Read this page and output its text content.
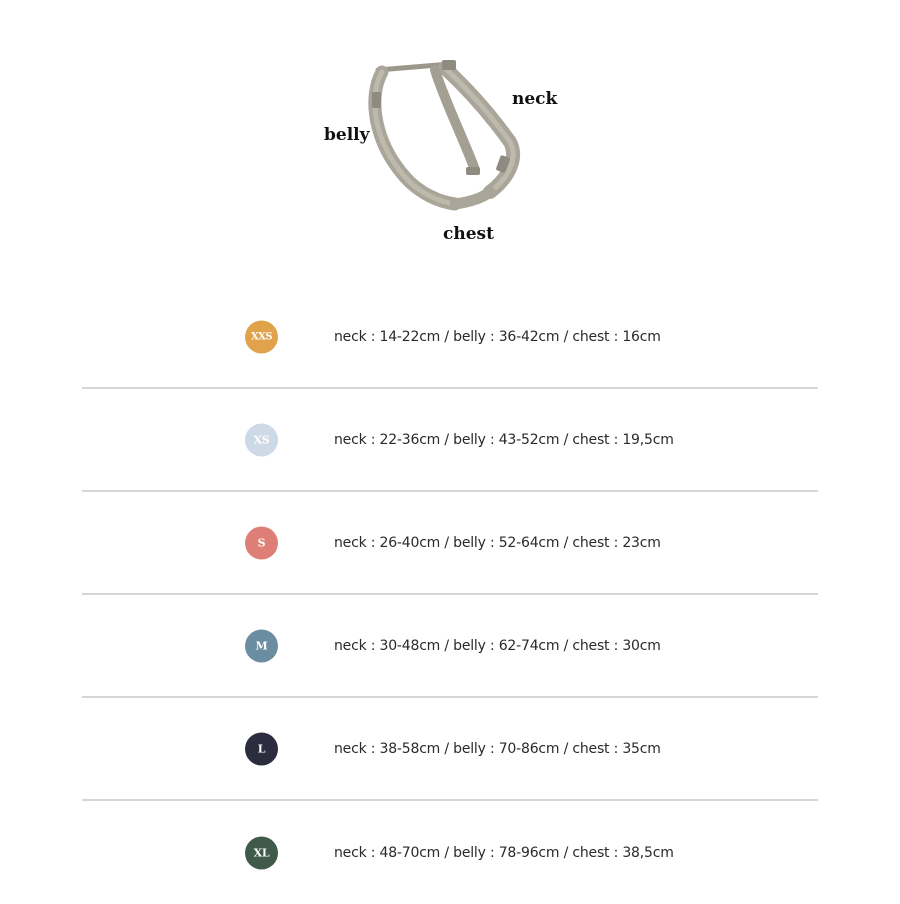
belly
neck
chest
XXS	neck : 14-22cm / belly : 36-42cm / chest : 16cm
XS	neck : 22-36cm / belly : 43-52cm / chest : 19,5cm
S	neck : 26-40cm / belly : 52-64cm / chest : 23cm
M	neck : 30-48cm / belly : 62-74cm / chest : 30cm
L	neck : 38-58cm / belly : 70-86cm / chest : 35cm
XL	neck : 48-70cm / belly : 78-96cm / chest : 38,5cm
